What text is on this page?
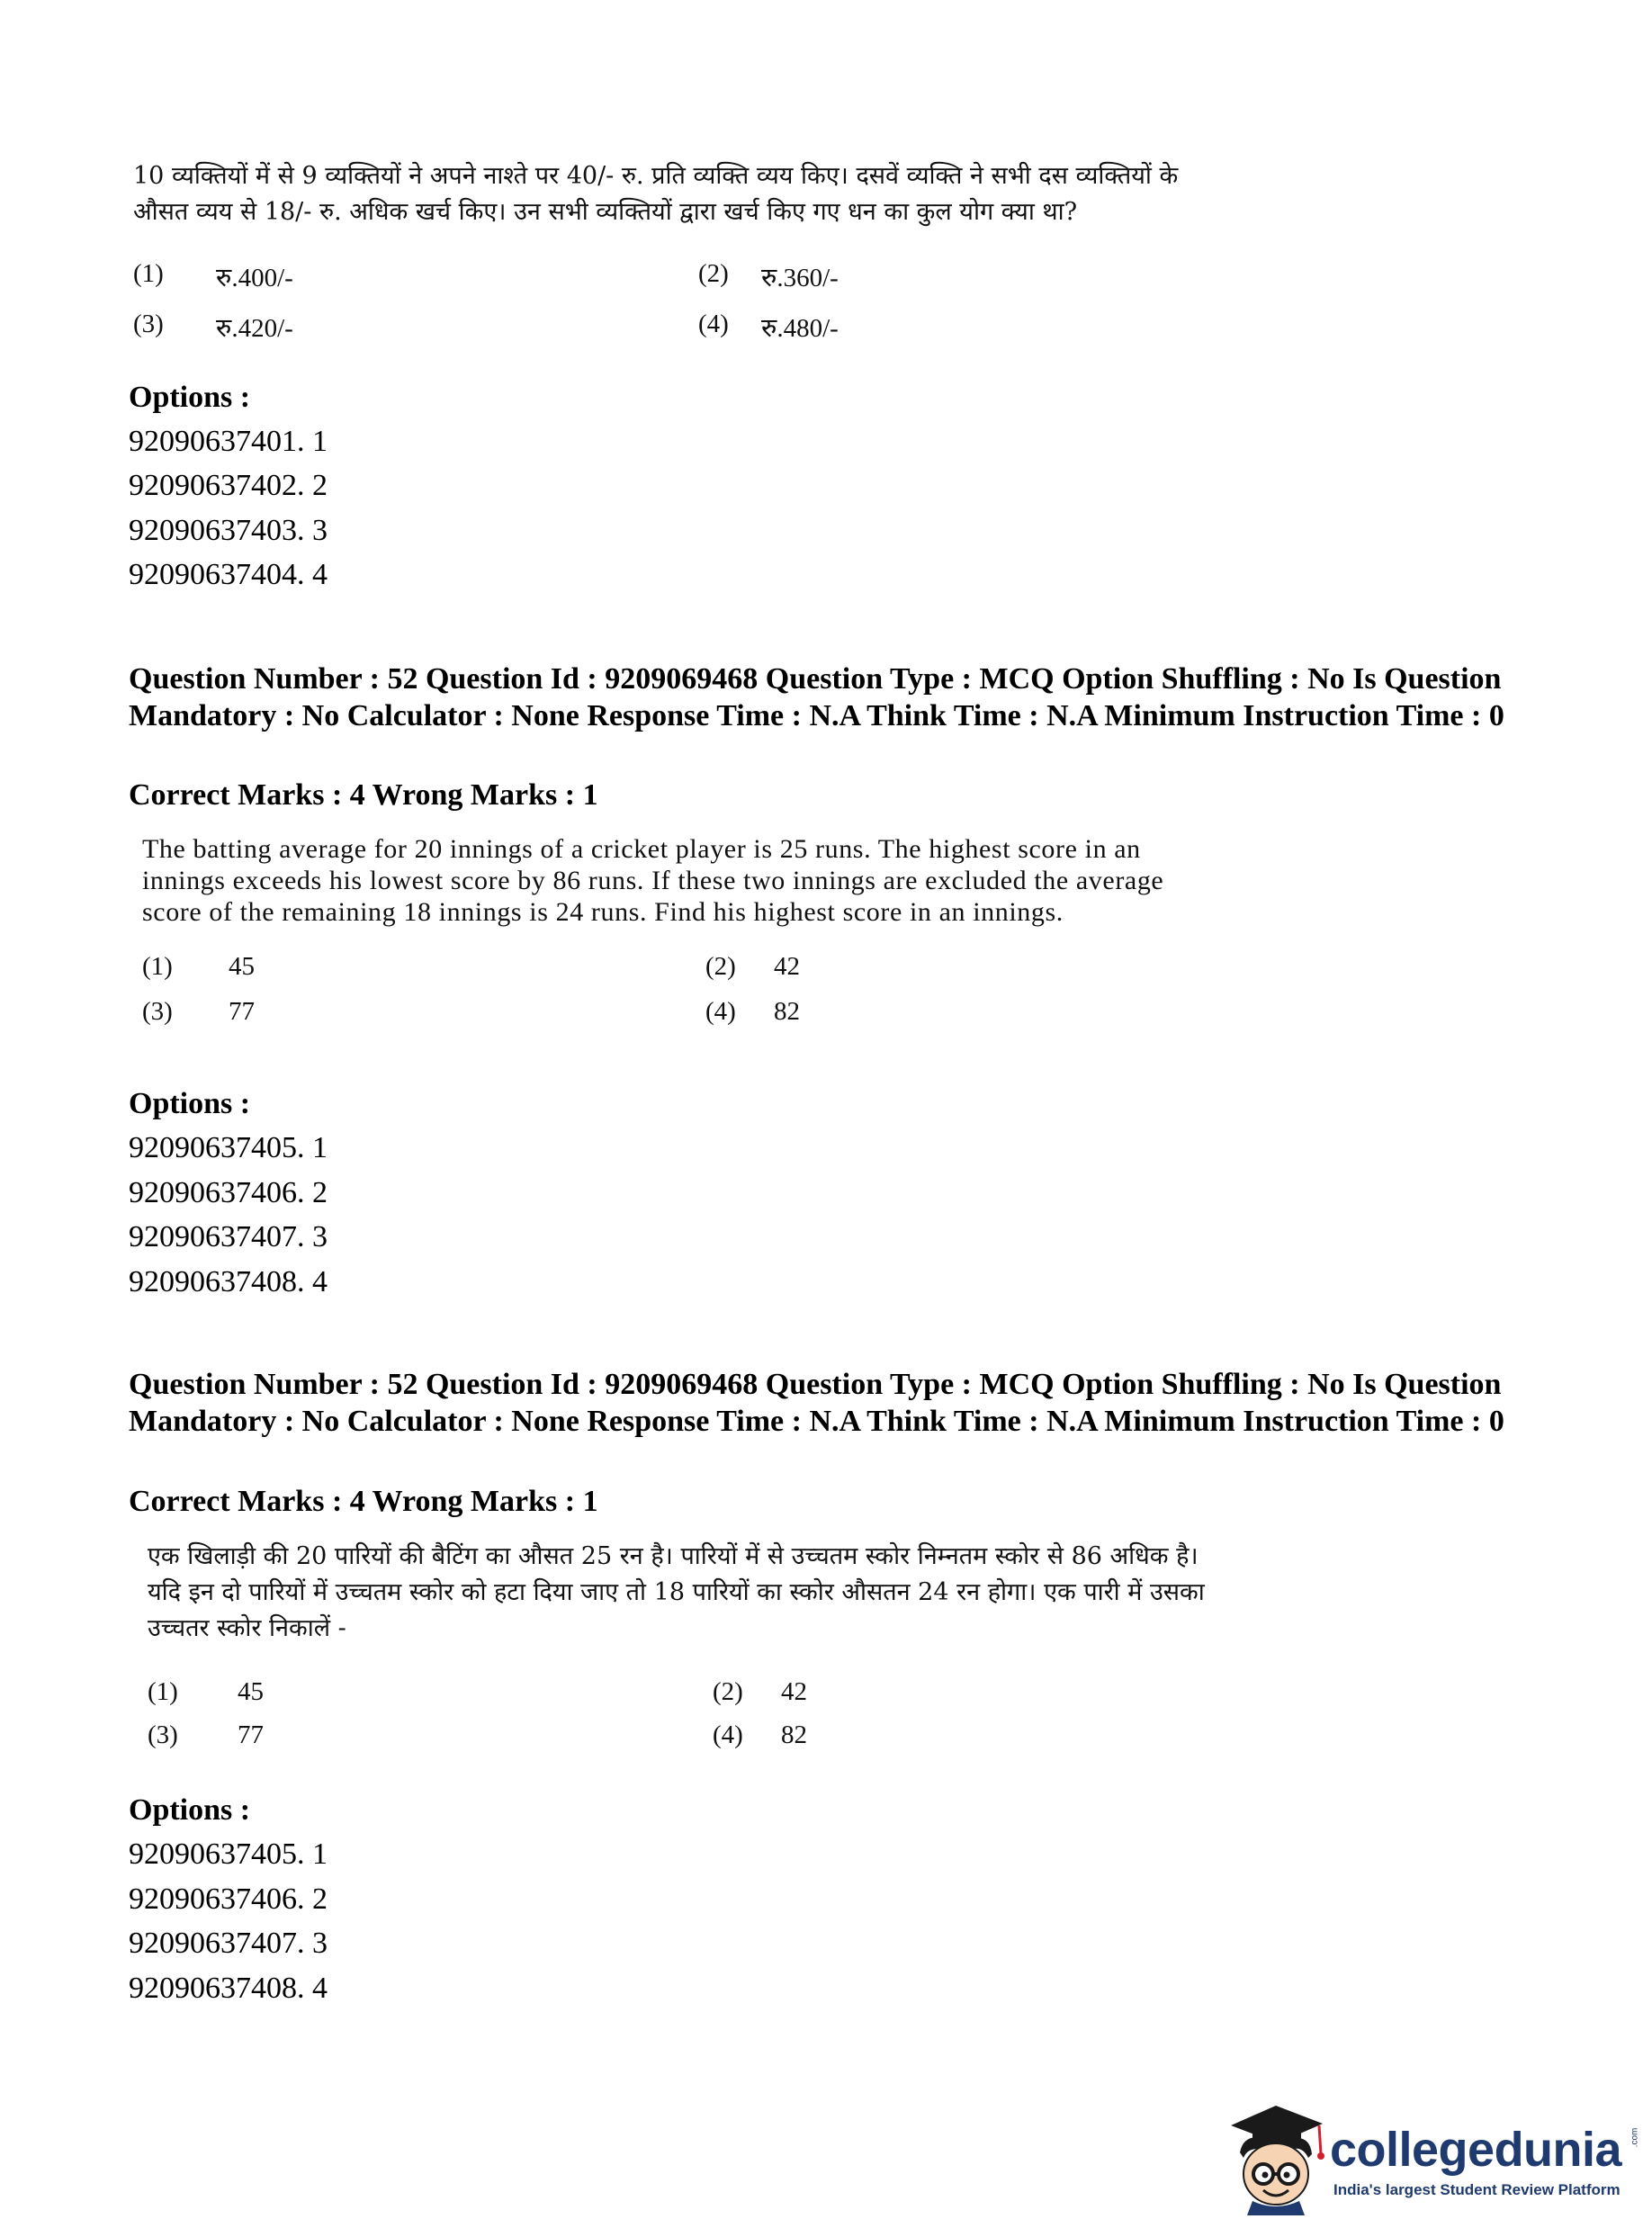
10 व्यक्तियों में से 9 व्यक्तियों ने अपने नाश्ते पर 40/- रु. प्रति व्यक्ति व्यय किए। दसवें व्यक्ति ने सभी दस व्यक्तियों के
औसत व्यय से 18/- रु. अधिक खर्च किए। उन सभी व्यक्तियों द्वारा खर्च किए गए धन का कुल योग क्या था?
(1) रु.400/-	(2) रु.360/-
(3) रु.420/-	(4) रु.480/-
Options :
92090637401. 1
92090637402. 2
92090637403. 3
92090637404. 4
Question Number : 52 Question Id : 9209069468 Question Type : MCQ Option Shuffling : No Is Question Mandatory : No Calculator : None Response Time : N.A Think Time : N.A Minimum Instruction Time : 0
Correct Marks : 4 Wrong Marks : 1
The batting average for 20 innings of a cricket player is 25 runs. The highest score in an
innings exceeds his lowest score by 86 runs. If these two innings are excluded the average
score of the remaining 18 innings is 24 runs. Find his highest score in an innings.
(1) 45	(2) 42
(3) 77	(4) 82
Options :
92090637405. 1
92090637406. 2
92090637407. 3
92090637408. 4
Question Number : 52 Question Id : 9209069468 Question Type : MCQ Option Shuffling : No Is Question Mandatory : No Calculator : None Response Time : N.A Think Time : N.A Minimum Instruction Time : 0
Correct Marks : 4 Wrong Marks : 1
एक खिलाड़ी की 20 पारियों की बैटिंग का औसत 25 रन है। पारियों में से उच्चतम स्कोर निम्नतम स्कोर से 86 अधिक है।
यदि इन दो पारियों में उच्चतम स्कोर को हटा दिया जाए तो 18 पारियों का स्कोर औसतन 24 रन होगा। एक पारी में उसका
उच्चतर स्कोर निकालें -
(1) 45	(2) 42
(3) 77	(4) 82
Options :
92090637405. 1
92090637406. 2
92090637407. 3
92090637408. 4
collegedunia .com
India's largest Student Review Platform
